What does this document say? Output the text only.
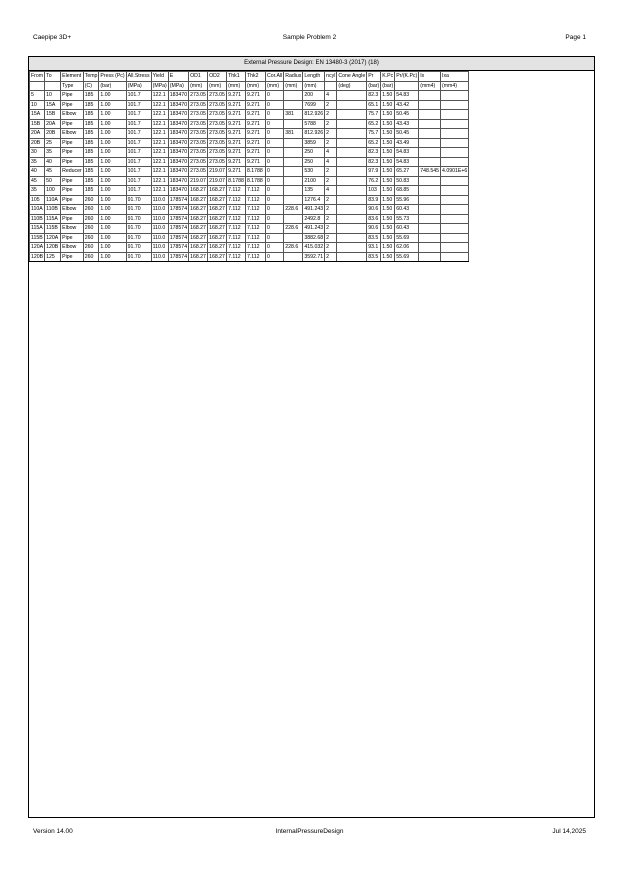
Caepipe 3D+	Sample Problem 2	Page 1
External Pressure Design: EN 13480-3 (2017) (18)
From	To	Element	Temp	Press (Pc)	All.Stress	Yield	E	OD1	OD2	Thk1	Thk2	Cor.All	Radius	Length	ncyl	Cone Angle	Pr	K.Pc	Pr/(K.Pc)	Ix	Ixa
		Type	(C)	(bar)	(MPa)	(MPa)	(MPa)	(mm)	(mm)	(mm)	(mm)	(mm)	(mm)	(mm)		(deg)	(bar)	(bar)		(mm4)	(mm4)
5	10	Pipe	185	1.00	101.7	122.1	183470	273.05	273.05	9.271	9.271	0		200	4		82.3	1.50	54.83		
10	15A	Pipe	185	1.00	101.7	122.1	183470	273.05	273.05	9.271	9.271	0		7699	2		65.1	1.50	43.42		
15A	15B	Elbow	185	1.00	101.7	122.1	183470	273.05	273.05	9.271	9.271	0	381	812.926	2		75.7	1.50	50.45		
15B	20A	Pipe	185	1.00	101.7	122.1	183470	273.05	273.05	9.271	9.271	0		5788	2		65.2	1.50	43.43		
20A	20B	Elbow	185	1.00	101.7	122.1	183470	273.05	273.05	9.271	9.271	0	381	812.926	2		75.7	1.50	50.45		
20B	25	Pipe	185	1.00	101.7	122.1	183470	273.05	273.05	9.271	9.271	0		3859	2		65.2	1.50	43.49		
30	35	Pipe	185	1.00	101.7	122.1	183470	273.05	273.05	9.271	9.271	0		250	4		82.3	1.50	54.83		
35	40	Pipe	185	1.00	101.7	122.1	183470	273.05	273.05	9.271	9.271	0		250	4		82.3	1.50	54.83		
40	45	Reducer	185	1.00	101.7	122.1	183470	273.05	219.07	9.271	8.1788	0		530	2		97.9	1.50	65.27	748.545	4.0901E+6
45	50	Pipe	185	1.00	101.7	122.1	183470	219.07	219.07	8.1788	8.1788	0		2100	2		76.2	1.50	50.83		
35	100	Pipe	185	1.00	101.7	122.1	183470	168.27	168.27	7.112	7.112	0		135	4		103	1.50	68.85		
105	110A	Pipe	260	1.00	91.70	110.0	178574	168.27	168.27	7.112	7.112	0		1276.4	2		83.9	1.50	55.96		
110A	110B	Elbow	260	1.00	91.70	110.0	178574	168.27	168.27	7.112	7.112	0	228.6	491.243	2		90.6	1.50	60.43		
110B	115A	Pipe	260	1.00	91.70	110.0	178574	168.27	168.27	7.112	7.112	0		2492.8	2		83.6	1.50	55.73		
115A	115B	Elbow	260	1.00	91.70	110.0	178574	168.27	168.27	7.112	7.112	0	228.6	491.243	2		90.6	1.50	60.43		
115B	120A	Pipe	260	1.00	91.70	110.0	178574	168.27	168.27	7.112	7.112	0		3882.68	2		83.5	1.50	55.69		
120A	120B	Elbow	260	1.00	91.70	110.0	178574	168.27	168.27	7.112	7.112	0	228.6	415.032	2		93.1	1.50	62.06		
120B	125	Pipe	260	1.00	91.70	110.0	178574	168.27	168.27	7.112	7.112	0		3592.71	2		83.5	1.50	55.69		
Version 14.00	InternalPressureDesign	Jul 14,2025
